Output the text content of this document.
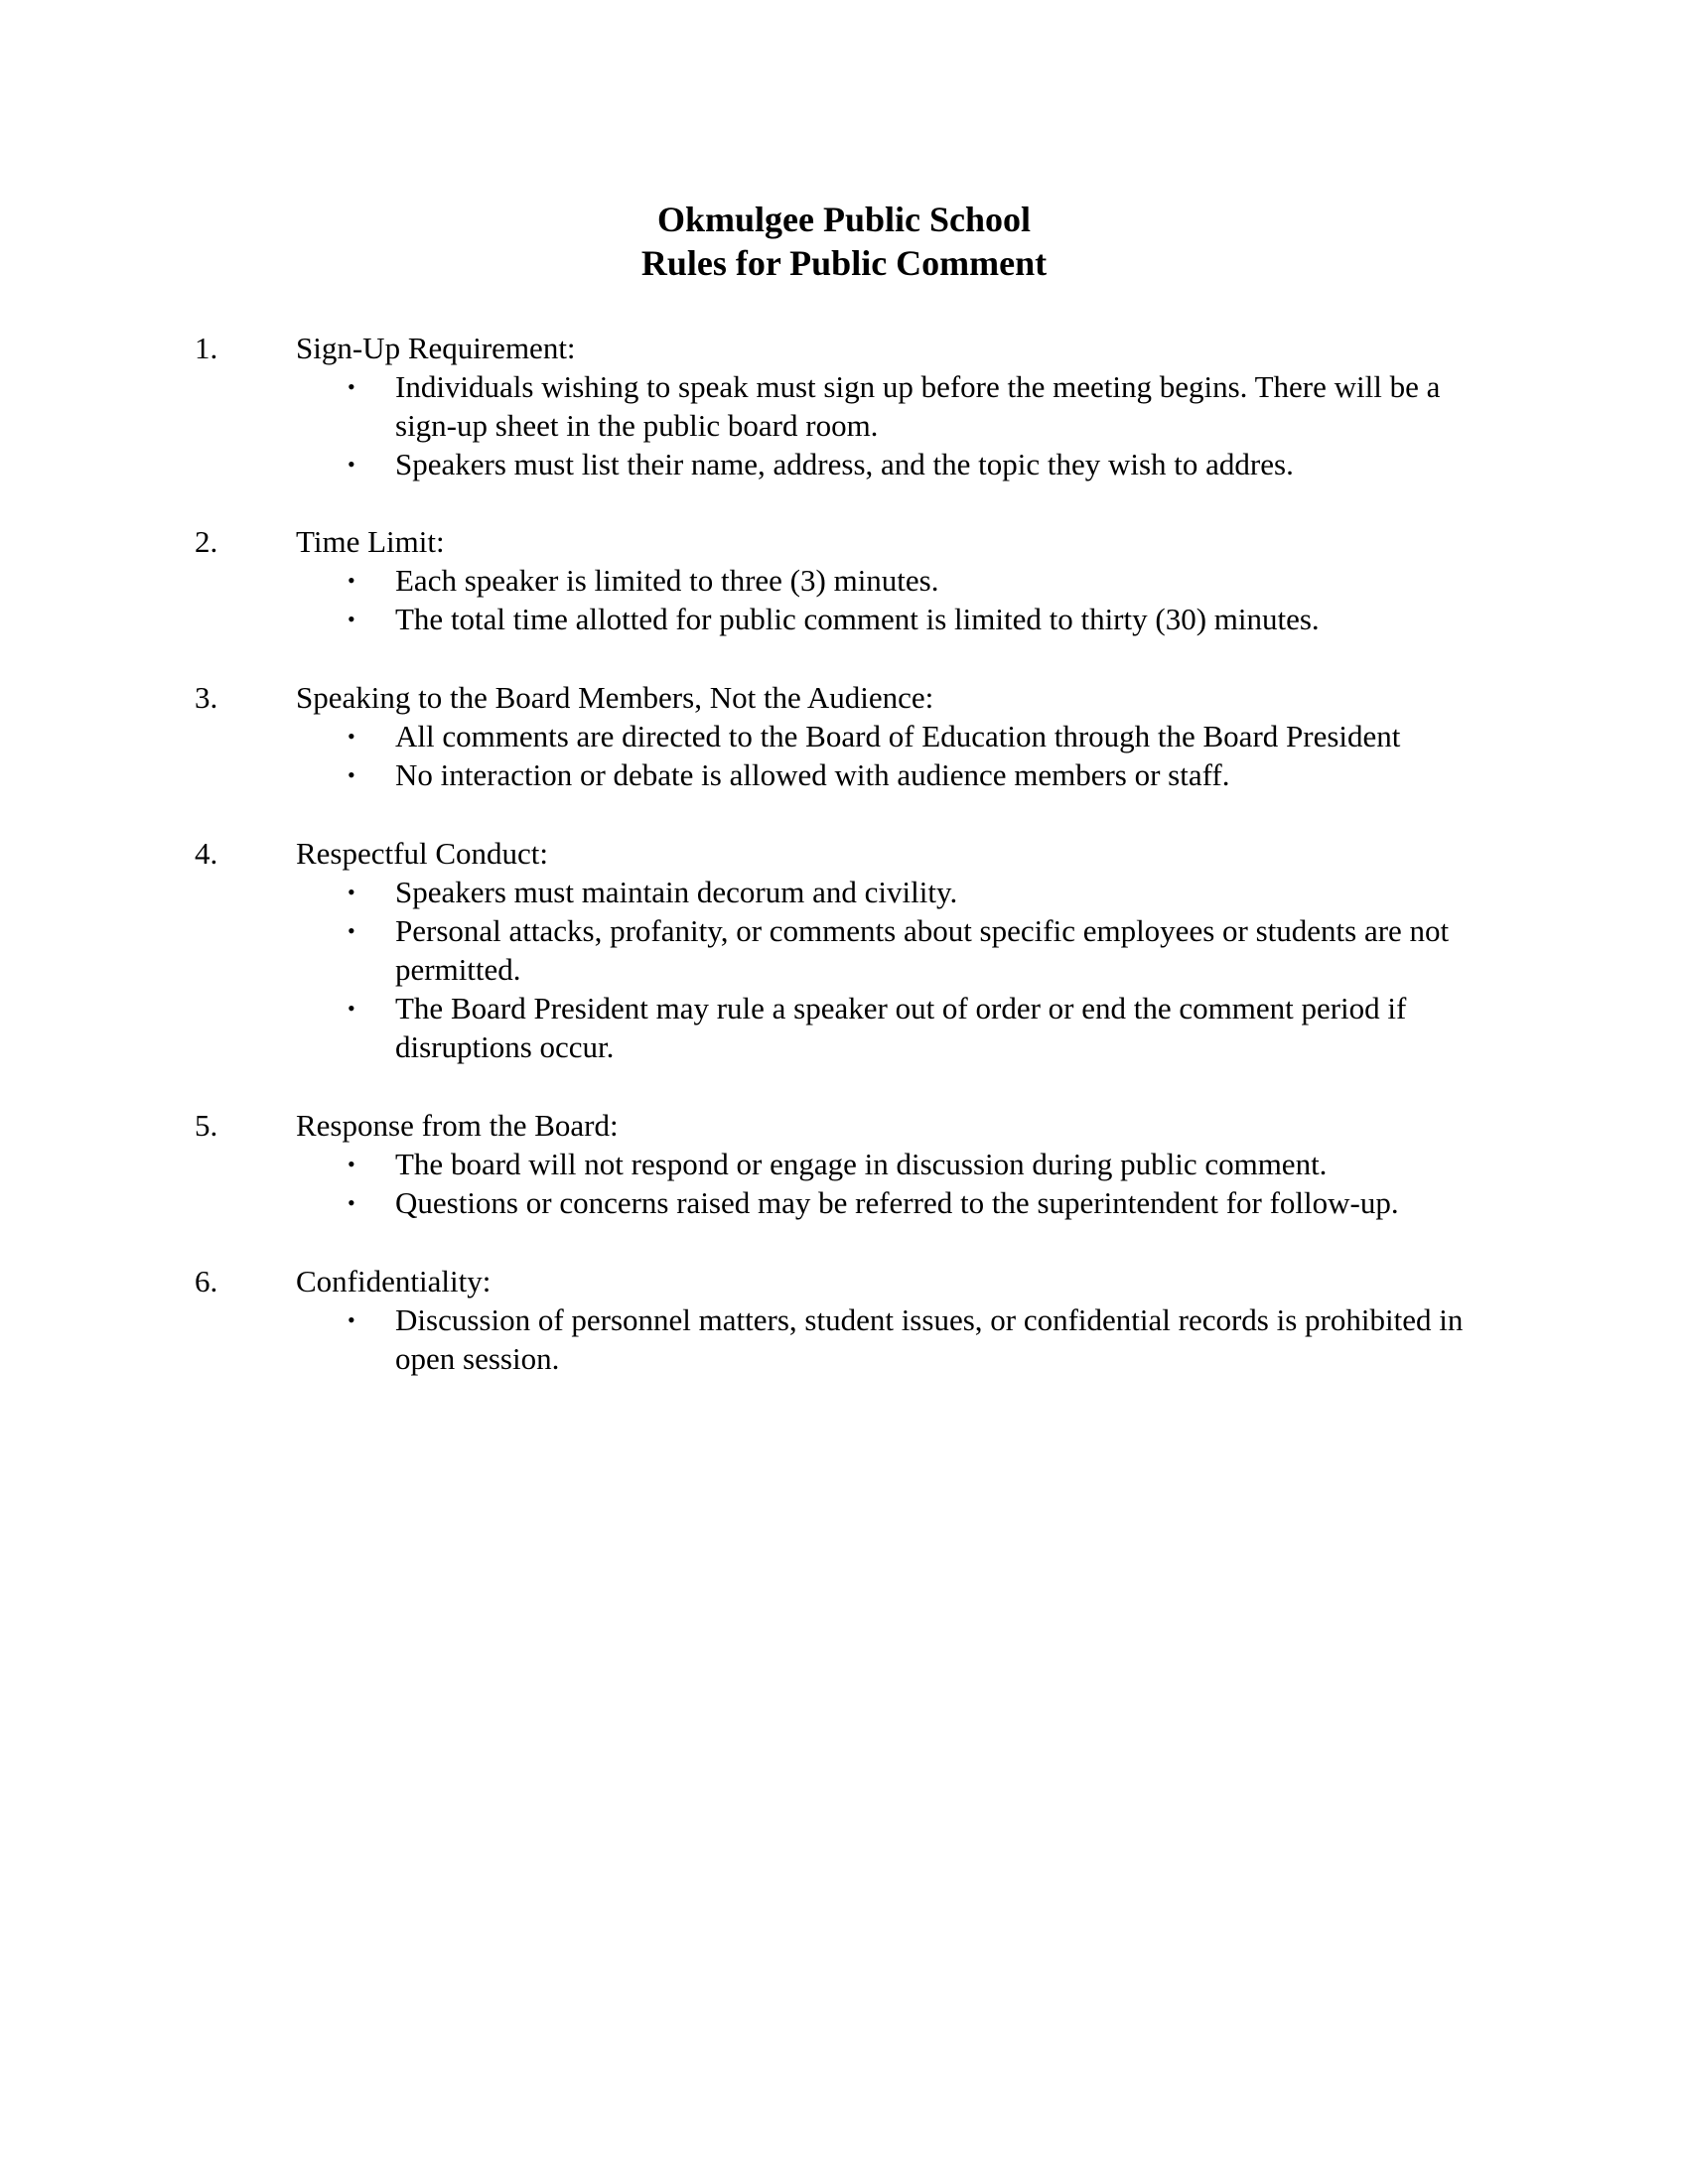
Okmulgee Public School
Rules for Public Comment
1.	Sign-Up Requirement:
• Individuals wishing to speak must sign up before the meeting begins. There will be a sign-up sheet in the public board room.
• Speakers must list their name, address, and the topic they wish to addres.
2.	Time Limit:
• Each speaker is limited to three (3) minutes.
• The total time allotted for public comment is limited to thirty (30) minutes.
3.	Speaking to the Board Members, Not the Audience:
• All comments are directed to the Board of Education through the Board President
• No interaction or debate is allowed with audience members or staff.
4.	Respectful Conduct:
• Speakers must maintain decorum and civility.
• Personal attacks, profanity, or comments about specific employees or students are not permitted.
• The Board President may rule a speaker out of order or end the comment period if disruptions occur.
5.	Response from the Board:
• The board will not respond or engage in discussion during public comment.
• Questions or concerns raised may be referred to the superintendent for follow-up.
6.	Confidentiality:
• Discussion of personnel matters, student issues, or confidential records is prohibited in open session.
